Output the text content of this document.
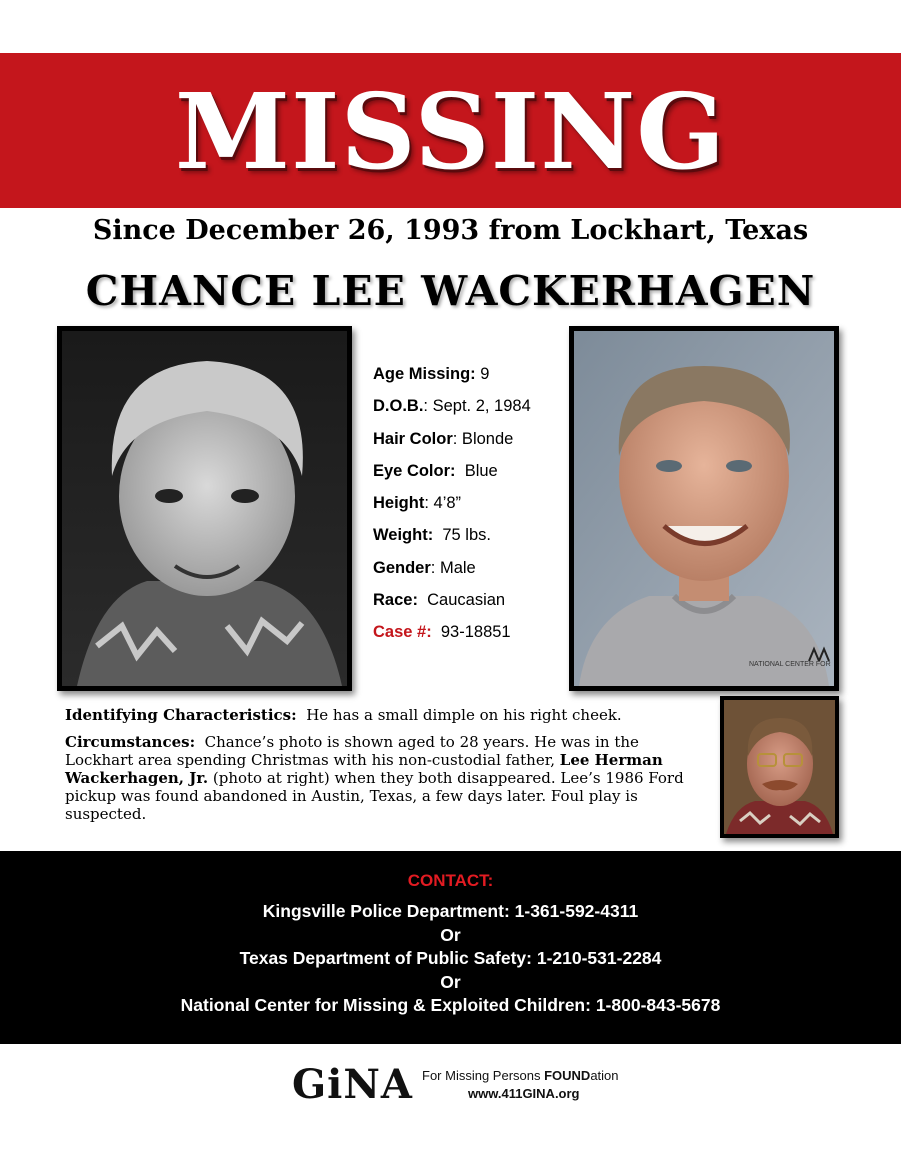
MISSING
Since December 26, 1993 from Lockhart, Texas
CHANCE LEE WACKERHAGEN
Age Missing: 9
D.O.B.: Sept. 2, 1984
Hair Color: Blonde
Eye Color: Blue
Height: 4’8”
Weight: 75 lbs.
Gender: Male
Race: Caucasian
Case #: 93-18851
NATIONAL CENTER FOR

Identifying Characteristics: He has a small dimple on his right cheek.

Circumstances: Chance’s photo is shown aged to 28 years. He was in the Lockhart area spending Christmas with his non-custodial father, Lee Herman Wackerhagen, Jr. (photo at right) when they both disappeared. Lee’s 1986 Ford pickup was found abandoned in Austin, Texas, a few days later. Foul play is suspected.

CONTACT:
Kingsville Police Department: 1-361-592-4311
Or
Texas Department of Public Safety: 1-210-531-2284
Or
National Center for Missing & Exploited Children: 1-800-843-5678
GiNA For Missing Persons FOUNDation
www.411GINA.org
